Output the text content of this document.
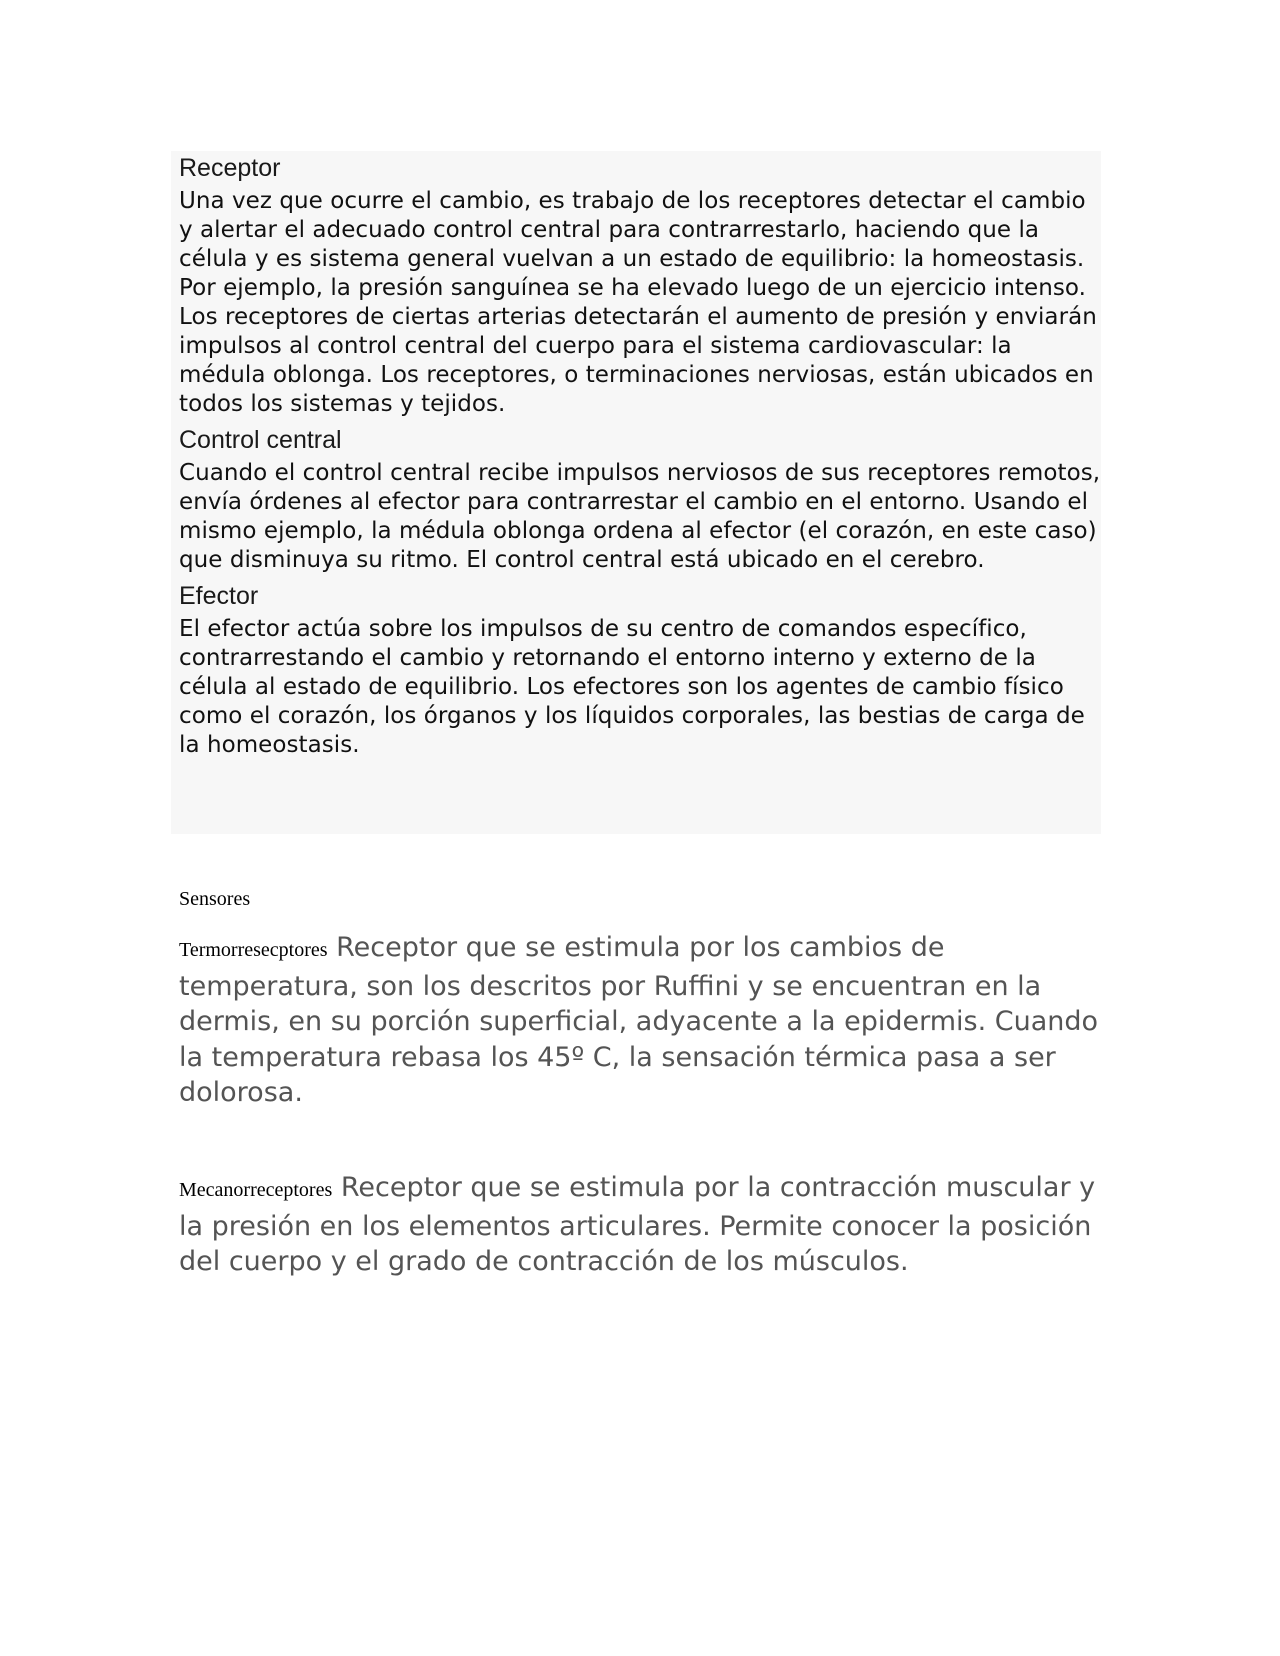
Receptor

Una vez que ocurre el cambio, es trabajo de los receptores detectar el cambio y alertar el adecuado control central para contrarrestarlo, haciendo que la célula y es sistema general vuelvan a un estado de equilibrio: la homeostasis. Por ejemplo, la presión sanguínea se ha elevado luego de un ejercicio intenso. Los receptores de ciertas arterias detectarán el aumento de presión y enviarán impulsos al control central del cuerpo para el sistema cardiovascular: la médula oblonga. Los receptores, o terminaciones nerviosas, están ubicados en todos los sistemas y tejidos.

Control central

Cuando el control central recibe impulsos nerviosos de sus receptores remotos, envía órdenes al efector para contrarrestar el cambio en el entorno. Usando el mismo ejemplo, la médula oblonga ordena al efector (el corazón, en este caso) que disminuya su ritmo. El control central está ubicado en el cerebro.

Efector

El efector actúa sobre los impulsos de su centro de comandos específico, contrarrestando el cambio y retornando el entorno interno y externo de la célula al estado de equilibrio. Los efectores son los agentes de cambio físico como el corazón, los órganos y los líquidos corporales, las bestias de carga de la homeostasis.

Sensores

Termorresecptores Receptor que se estimula por los cambios de temperatura, son los descritos por Ruffini y se encuentran en la dermis, en su porción superficial, adyacente a la epidermis. Cuando la temperatura rebasa los 45º C, la sensación térmica pasa a ser dolorosa.

Mecanorreceptores Receptor que se estimula por la contracción muscular y la presión en los elementos articulares. Permite conocer la posición del cuerpo y el grado de contracción de los músculos.
